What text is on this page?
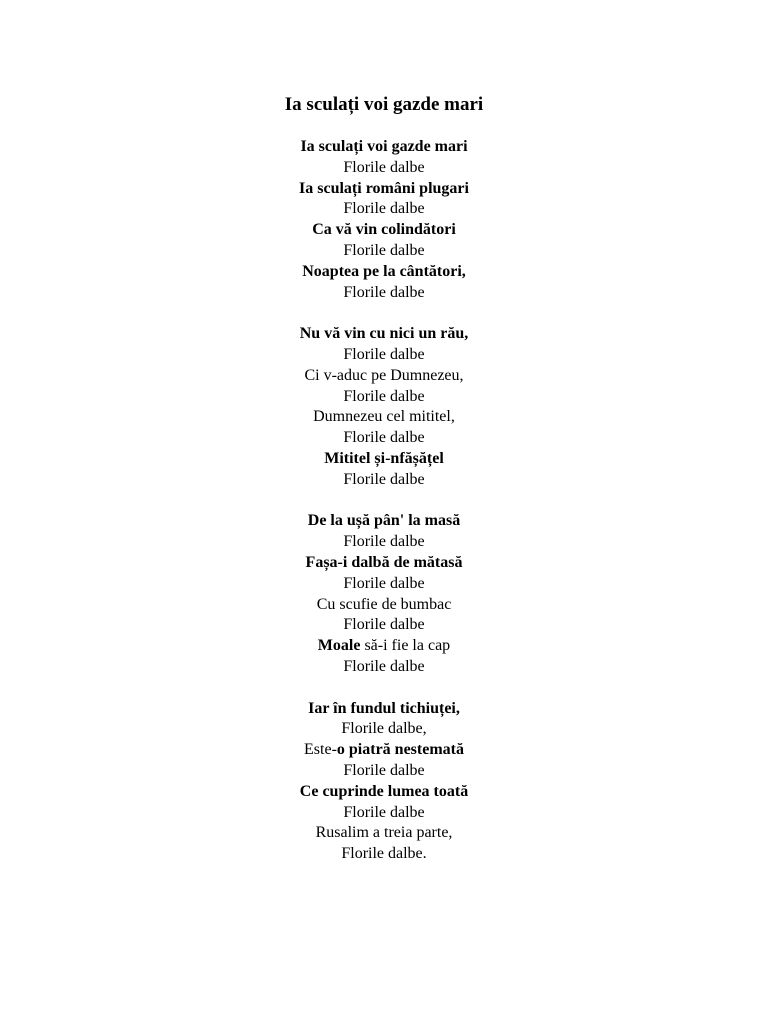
Ia sculați voi gazde mari
Ia sculați voi gazde mari
Florile dalbe
Ia sculați români plugari
Florile dalbe
Ca vă vin colindători
Florile dalbe
Noaptea pe la cântători,
Florile dalbe
Nu vă vin cu nici un rău,
Florile dalbe
Ci v-aduc pe Dumnezeu,
Florile dalbe
Dumnezeu cel mititel,
Florile dalbe
Mititel și-nfășățel
Florile dalbe
De la ușă pân' la masă
Florile dalbe
Fașa-i dalbă de mătasă
Florile dalbe
Cu scufie de bumbac
Florile dalbe
Moale să-i fie la cap
Florile dalbe
Iar în fundul tichiuței,
Florile dalbe,
Este-o piatră nestemată
Florile dalbe
Ce cuprinde lumea toată
Florile dalbe
Rusalim a treia parte,
Florile dalbe.
